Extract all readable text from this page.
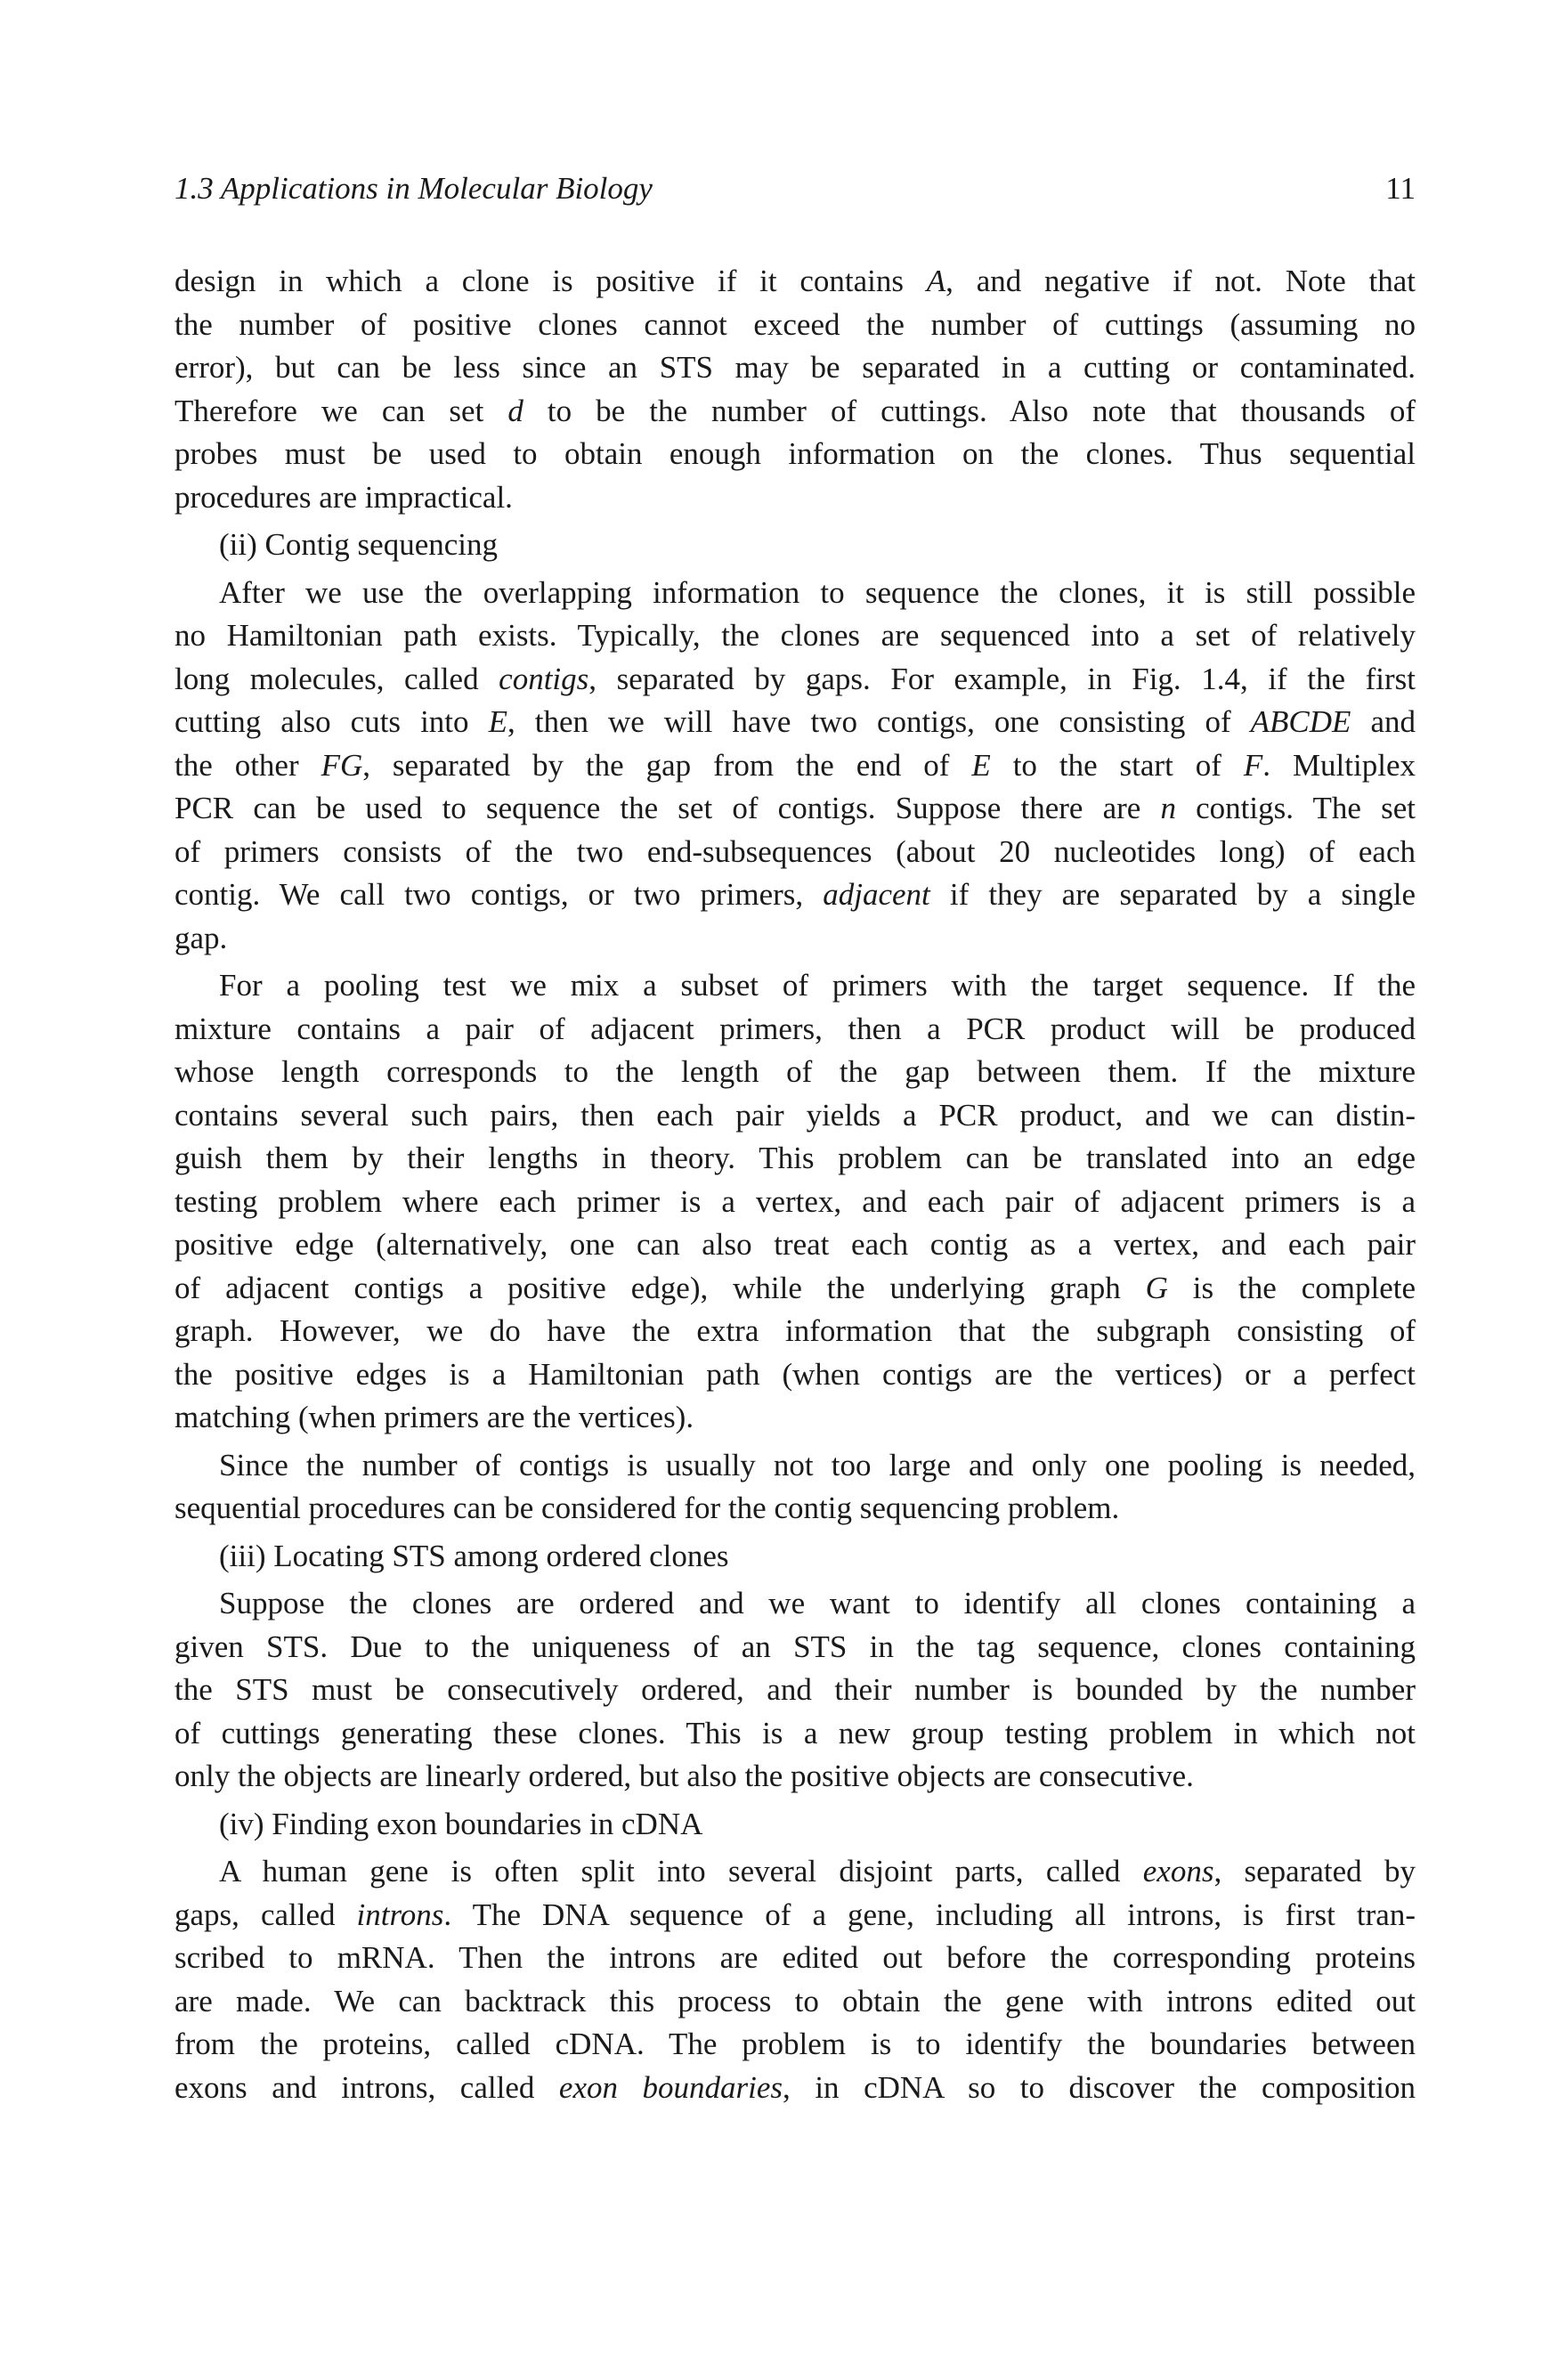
1.3 Applications in Molecular Biology	11
design in which a clone is positive if it contains A, and negative if not. Note that
the number of positive clones cannot exceed the number of cuttings (assuming no
error), but can be less since an STS may be separated in a cutting or contaminated.
Therefore we can set d to be the number of cuttings. Also note that thousands of
probes must be used to obtain enough information on the clones. Thus sequential
procedures are impractical.
(ii) Contig sequencing
After we use the overlapping information to sequence the clones, it is still possible
no Hamiltonian path exists. Typically, the clones are sequenced into a set of relatively
long molecules, called contigs, separated by gaps. For example, in Fig. 1.4, if the first
cutting also cuts into E, then we will have two contigs, one consisting of ABCDE and
the other FG, separated by the gap from the end of E to the start of F. Multiplex
PCR can be used to sequence the set of contigs. Suppose there are n contigs. The set
of primers consists of the two end-subsequences (about 20 nucleotides long) of each
contig. We call two contigs, or two primers, adjacent if they are separated by a single
gap.
For a pooling test we mix a subset of primers with the target sequence. If the
mixture contains a pair of adjacent primers, then a PCR product will be produced
whose length corresponds to the length of the gap between them. If the mixture
contains several such pairs, then each pair yields a PCR product, and we can distin-
guish them by their lengths in theory. This problem can be translated into an edge
testing problem where each primer is a vertex, and each pair of adjacent primers is a
positive edge (alternatively, one can also treat each contig as a vertex, and each pair
of adjacent contigs a positive edge), while the underlying graph G is the complete
graph. However, we do have the extra information that the subgraph consisting of
the positive edges is a Hamiltonian path (when contigs are the vertices) or a perfect
matching (when primers are the vertices).
Since the number of contigs is usually not too large and only one pooling is needed,
sequential procedures can be considered for the contig sequencing problem.
(iii) Locating STS among ordered clones
Suppose the clones are ordered and we want to identify all clones containing a
given STS. Due to the uniqueness of an STS in the tag sequence, clones containing
the STS must be consecutively ordered, and their number is bounded by the number
of cuttings generating these clones. This is a new group testing problem in which not
only the objects are linearly ordered, but also the positive objects are consecutive.
(iv) Finding exon boundaries in cDNA
A human gene is often split into several disjoint parts, called exons, separated by
gaps, called introns. The DNA sequence of a gene, including all introns, is first tran-
scribed to mRNA. Then the introns are edited out before the corresponding proteins
are made. We can backtrack this process to obtain the gene with introns edited out
from the proteins, called cDNA. The problem is to identify the boundaries between
exons and introns, called exon boundaries, in cDNA so to discover the composition
